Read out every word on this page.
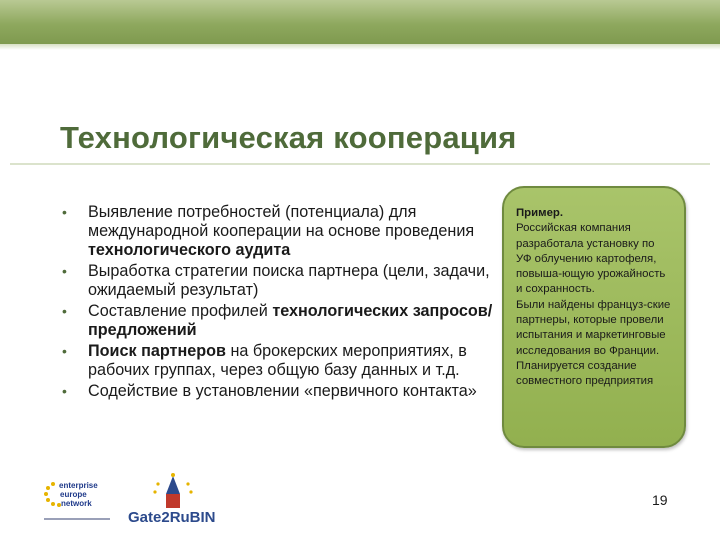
Технологическая кооперация
• Выявление потребностей (потенциала) для международной кооперации на основе проведения технологического аудита
• Выработка стратегии поиска партнера (цели, задачи, ожидаемый результат)
• Составление профилей технологических запросов/ предложений
• Поиск партнеров на брокерских мероприятиях, в рабочих группах, через общую базу данных и т.д.
• Содействие в установлении «первичного контакта»
Пример.
Российская компания разработала установку по УФ облучению картофеля, повыша-ющую урожайность и сохранность.
Были найдены француз-ские партнеры, которые провели испытания и маркетинговые исследования во Франции. Планируется создание совместного предприятия
enterprise
europe
network
Gate2RuBIN
19
